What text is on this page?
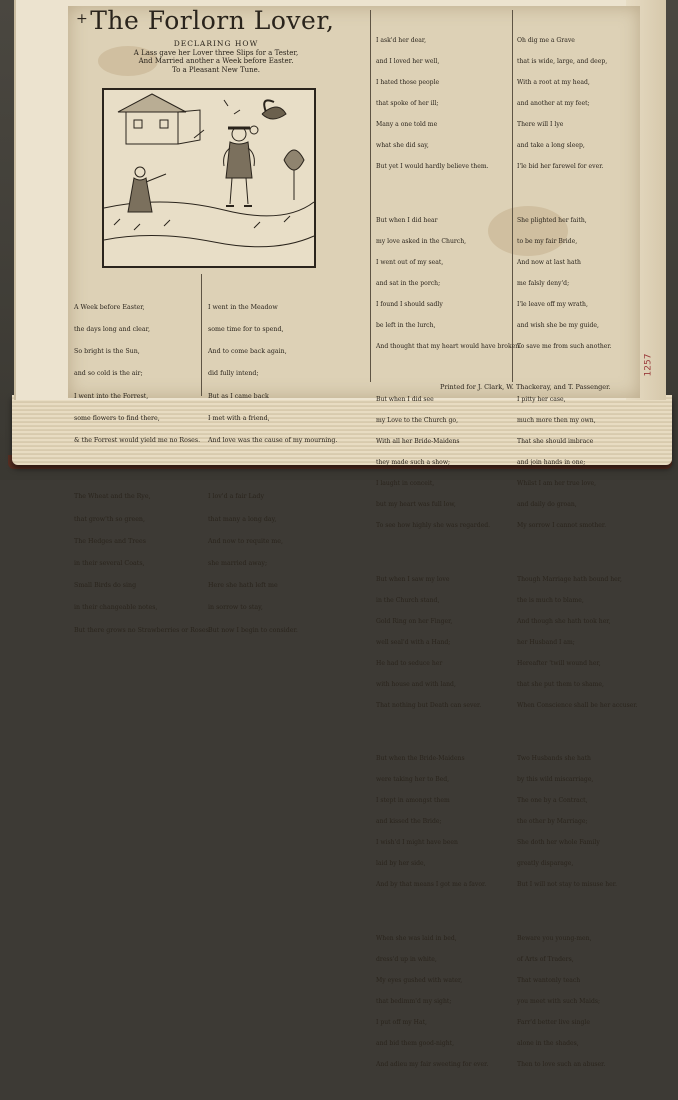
+The Forlorn Lover,
DECLARING HOW
A Lass gave her Lover three Slips for a Tester,
And Married another a Week before Easter.
To a Pleasant New Tune.

A Week before Easter,

the days long and clear,

So bright is the Sun,

and so cold is the air;

I went into the Forrest,

some flowers to find there,

& the Forrest would yield me no Roses.

The Wheat and the Rye,

that grow'th so green,

The Hedges and Trees

in their several Coats,

Small Birds do sing

in their changeable notes,

But there grows no Strawberries or Roses.

I went in the Meadow

some time for to spend,

And to come back again,

did fully intend;

But as I came back

I met with a friend,

And love was the cause of my mourning.

I lov'd a fair Lady

that many a long day,

And now to requite me,

she married away;

Here she hath left me

in sorrow to stay,

But now I begin to consider.

I ask'd her dear,

and I loved her well,

I hated those people

that spoke of her ill;

Many a one told me

what she did say,

But yet I would hardly believe them.

But when I did hear

my love asked in the Church,

I went out of my seat,

and sat in the porch;

I found I should sadly

be left in the lurch,

And thought that my heart would have broken.

But when I did see

my Love to the Church go,

With all her Bride-Maidens

they made such a show;

I laught in conceit,

but my heart was full low,

To see how highly she was regarded.

But when I saw my love

in the Church stand,

Gold Ring on her Finger,

well seal'd with a Hand;

He had to seduce her

with house and with land,

That nothing but Death can sever.

But when the Bride-Maidens

were taking her to Bed,

I stept in amongst them

and kissed the Bride;

I wish'd I might have been

laid by her side,

And by that means I got me a favor.

When she was laid in bed,

dress'd up in white,

My eyes gushed with water,

that bedimm'd my sight;

I put off my Hat,

and bid them good-night,

And adieu my fair sweeting for ever.

Oh dig me a Grave

that is wide, large, and deep,

With a root at my head,

and another at my feet;

There will I lye

and take a long sleep,

I'le bid her farewel for ever.

She plighted her faith,

to be my fair Bride,

And now at last hath

me falsly deny'd;

I'le leave off my wrath,

and wish she be my guide,

To save me from such another.

I pitty her case,

much more then my own,

That she should imbrace

and join hands in one;

Whilst I am her true love,

and daily do groan,

My sorrow I cannot smother.

Though Marriage hath bound her,

the is much to blame,

And though she hath took her,

her Husband I am;

Hereafter 'twill wound her,

that she put them to shame,

When Conscience shall be her accuser.

Two Husbands she hath

by this wild miscarriage,

The one by a Contract,

the other by Marriage;

She doth her whole Family

greatly disparage,

But I will not stay to misuse her.

Beware you young-men,

of Arts of Traders,

That wantonly teach

you meet with such Maids;

Farr'd better live single

alone in the shades,

Then to love such an abuser.

Printed for J. Clark, W. Thackeray, and T. Passenger.
1257
